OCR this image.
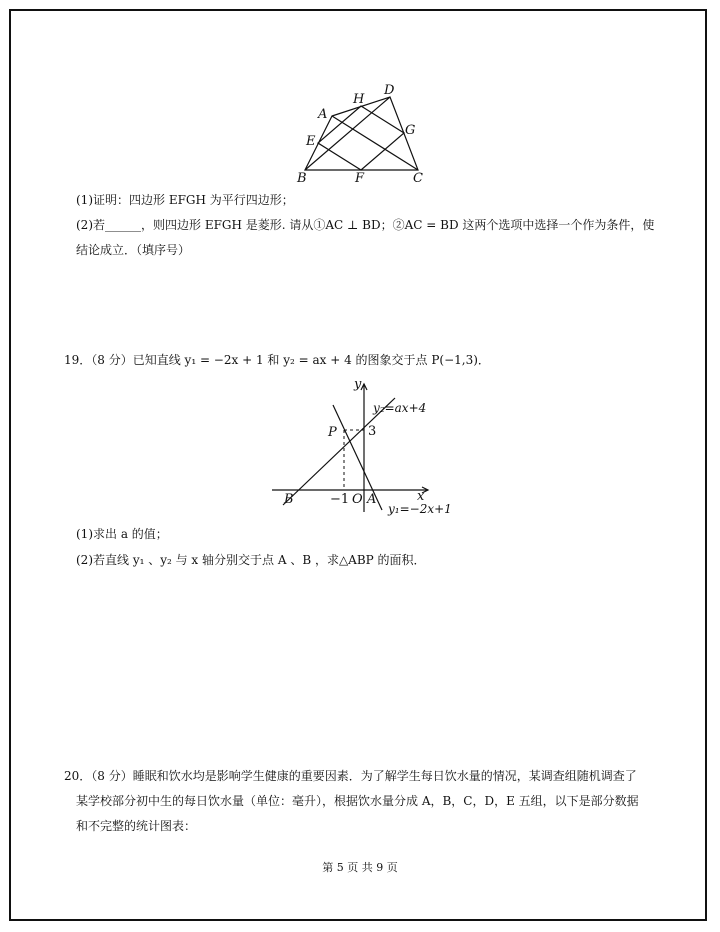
A
H
D
E
G
B	F	C
(1)证明：四边形 EFGH 为平行四边形；
(2)若______，则四边形 EFGH 是菱形. 请从①AC ⊥ BD；②AC = BD 这两个选项中选择一个作为条件，使
结论成立．（填序号）
19．（8 分）已知直线 y₁ = −2x + 1 和 y₂ = ax + 4 的图象交于点 P(−1,3)．
y
x
P 3
−1 O A
B
y₂=ax+4
y₁=−2x+1
(1)求出 a 的值；
(2)若直线 y₁ 、y₂ 与 x 轴分别交于点 A 、B ，求△ABP 的面积．
20．（8 分）睡眠和饮水均是影响学生健康的重要因素．为了解学生每日饮水量的情况，某调查组随机调查了
某学校部分初中生的每日饮水量（单位：毫升），根据饮水量分成 A，B，C，D，E 五组，以下是部分数据
和不完整的统计图表：
第 5 页 共 9 页
